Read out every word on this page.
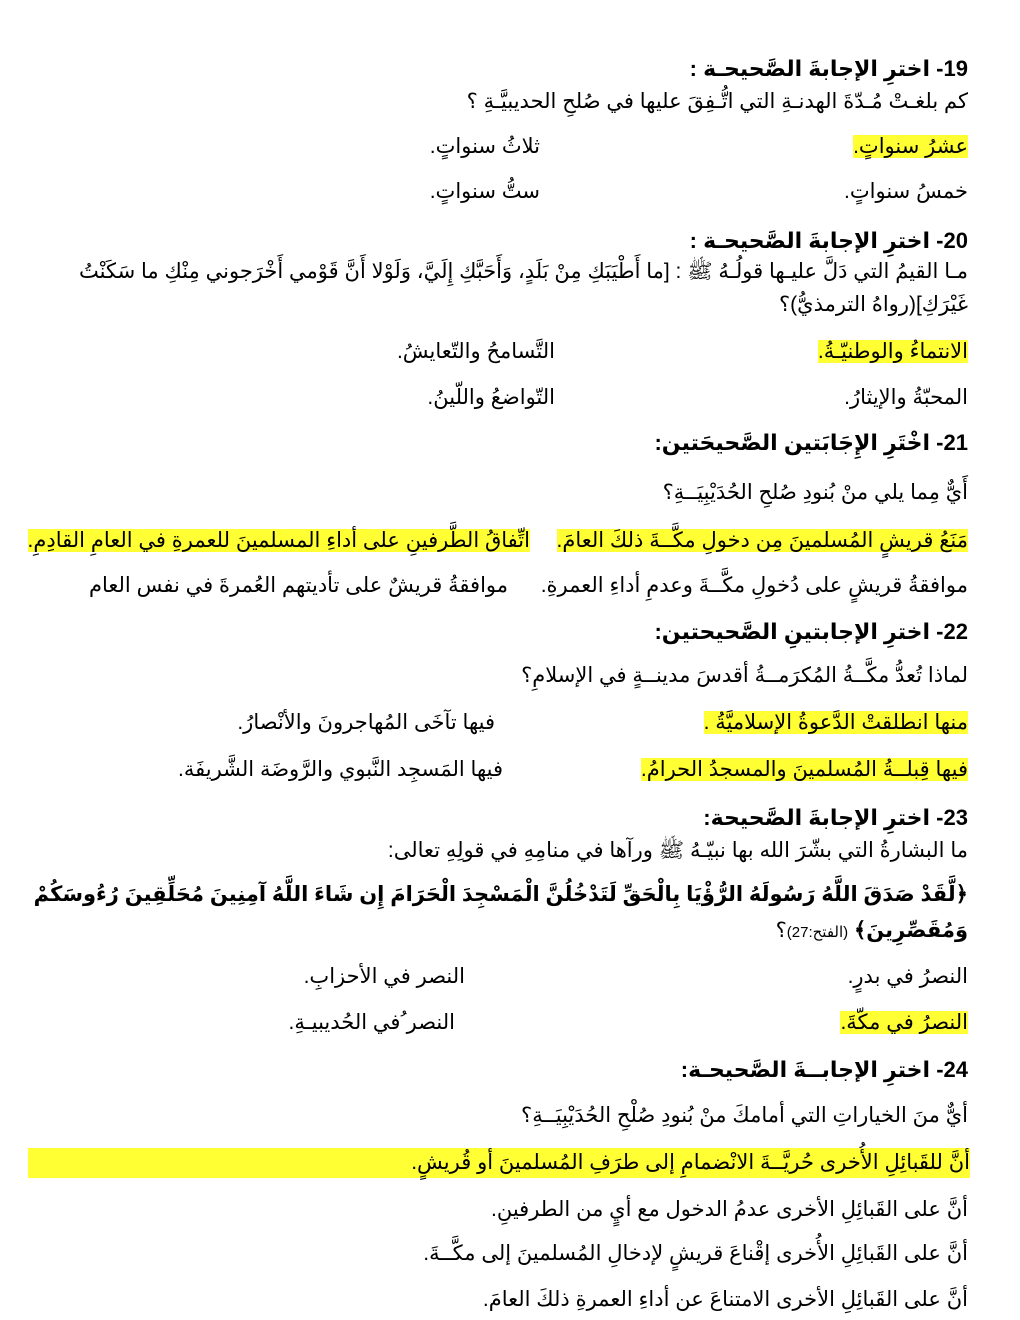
19- اخترِ الإجابةَ الصَّحيحـة :
كم بلغـتْ مُـدّةَ الهدنـةِ التي اتُّـفِقَ عليها في صُلحِ الحديبيَّـةِ ؟
عشرُ سنواتٍ.
ثلاثُ سنواتٍ.
خمسُ سنواتٍ.
ستُّ سنواتٍ.
20- اخترِ الإجابةَ الصَّحيحـة :
مـا القيمُ التي دَلَّ عليـها قولُـهُ ﷺ : [ما أَطْيَبَكِ مِنْ بَلَدٍ، وَأَحَبَّكِ إِلَيَّ، وَلَوْلا أَنَّ قَوْمي أَخْرَجوني مِنْكِ ما سَكَنْتُ
غَيْرَكِ](رواهُ الترمذيُّ)؟
الانتماءُ والوطنيّـةُ.
التَّسامحُ والتّعايشُ.
المحبّةُ والإيثارُ.
التّواضعُ واللّينُ.
21- اخْتَرِ الإِجَابَتين الصَّحيحَتين:
أَيٌّ مِما يلي منْ بُنودِ صُلحِ الحُدَيْبِيَــةِ؟
مَنَعُ قريشٍ المُسلمينَ مِن دخولِ مكَّــةَ ذلكَ العامَ.
اتِّفاقُ الطَّرفينِ على أداءِ المسلمينَ للعمرةِ في العامِ القادِمِ.
موافقةُ قريشٍ على دُخولِ مكَّــةَ وعدمِ أداءِ العمرةِ.
موافقةُ قريشٌ على تأديتهم العُمرةَ في نفس العام
22- اخترِ الإجابتينِ الصَّحيحتين:
لماذا تُعدُّ مكَّــةُ المُكرَمــةُ أقدسَ مدينــةٍ في الإسلامِ؟
منها انطلقتْ الدَّعوةُ الإسلاميَّةُ .
فيها تآخَى المُهاجرونَ والأنْصارُ.
فيها قِبلــةُ المُسلمينَ والمسجدُ الحرامُ.
فيها المَسجِد النَّبوي والرَّوضَة الشَّريفَة.
23- اخترِ الإجابةَ الصَّحيحة:
ما البشارةُ التي بشّرَ الله بها نبيّـهُ ﷺ ورآها في منامِهِ في قولِهِ تعالى:
﴿لَّقَدْ صَدَقَ اللَّهُ رَسُولَهُ الرُّؤْيَا بِالْحَقِّ لَتَدْخُلُنَّ الْمَسْجِدَ الْحَرَامَ إِن شَاءَ اللَّهُ آمِنِينَ مُحَلِّقِينَ رُءُوسَكُمْ
وَمُقَصِّرِينَ﴾ (الفتح:27)؟
النصرُ في بدرٍ.
النصر في الأحزابِ.
النصرُ في مكّةَ.
النصر ُفي الحُديبيـةِ.
24- اخترِ الإجابــةَ الصَّحيحـة:
أيٌّ منَ الخياراتِ التي أمامكَ منْ بُنودِ صُلْحِ الحُدَيْبِيَــةِ؟
أنَّ للقَبائِلِ الأُخرى حُريَّــةَ الانْضمامِ إلى طرَفِ المُسلمينَ أو قُريشٍ.
أنَّ على القَبائِلِ الأخرى عدمُ الدخول مع أيٍ من الطرفينِ.
أنَّ على القَبائِلِ الأُخرى إقْناعَ قريشٍ لإدخالِ المُسلمينَ إلى مكَّــةَ.
أنَّ على القَبائِلِ الأخرى الامتناعَ عن أداءِ العمرةِ ذلكَ العامَ.
